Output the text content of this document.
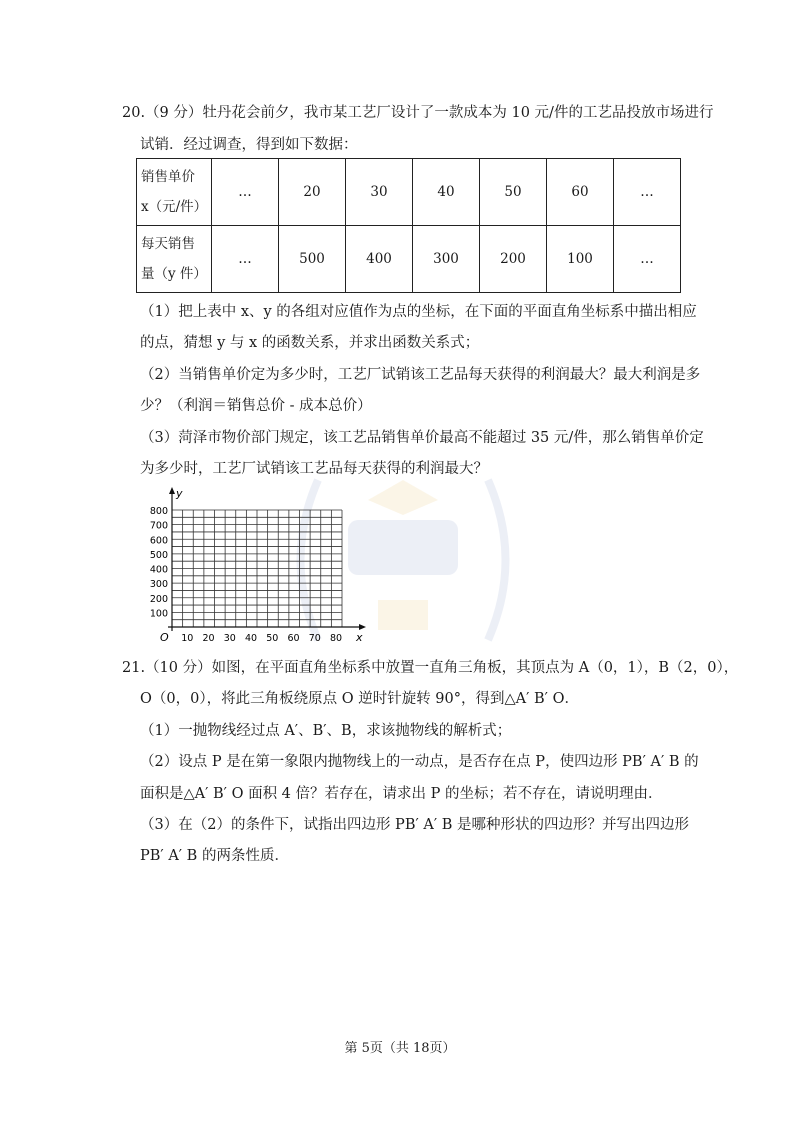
20.（9 分）牡丹花会前夕，我市某工艺厂设计了一款成本为 10 元/件的工艺品投放市场进行
试销．经过调查，得到如下数据：
销售单价
x（元/件）	…	20	30	40	50	60	…
每天销售
量（y 件）	…	500	400	300	200	100	…
（1）把上表中 x、y 的各组对应值作为点的坐标，在下面的平面直角坐标系中描出相应
的点，猜想 y 与 x 的函数关系，并求出函数关系式；
（2）当销售单价定为多少时，工艺厂试销该工艺品每天获得的利润最大？最大利润是多
少？（利润＝销售总价 - 成本总价）
（3）菏泽市物价部门规定，该工艺品销售单价最高不能超过 35 元/件，那么销售单价定
为多少时，工艺厂试销该工艺品每天获得的利润最大？
800
700
600
500
400
300
200
100
10 20 30 40 50 60 70 80
y
x
O
21.（10 分）如图，在平面直角坐标系中放置一直角三角板，其顶点为 A（0，1），B（2，0），
O（0，0），将此三角板绕原点 O 逆时针旋转 90°，得到△A′ B′ O．
（1）一抛物线经过点 A′、B′、B，求该抛物线的解析式；
（2）设点 P 是在第一象限内抛物线上的一动点，是否存在点 P，使四边形 PB′ A′ B 的
面积是△A′ B′ O 面积 4 倍？若存在，请求出 P 的坐标；若不存在，请说明理由．
（3）在（2）的条件下，试指出四边形 PB′ A′ B 是哪种形状的四边形？并写出四边形
PB′ A′ B 的两条性质．
第 5页（共 18页）
